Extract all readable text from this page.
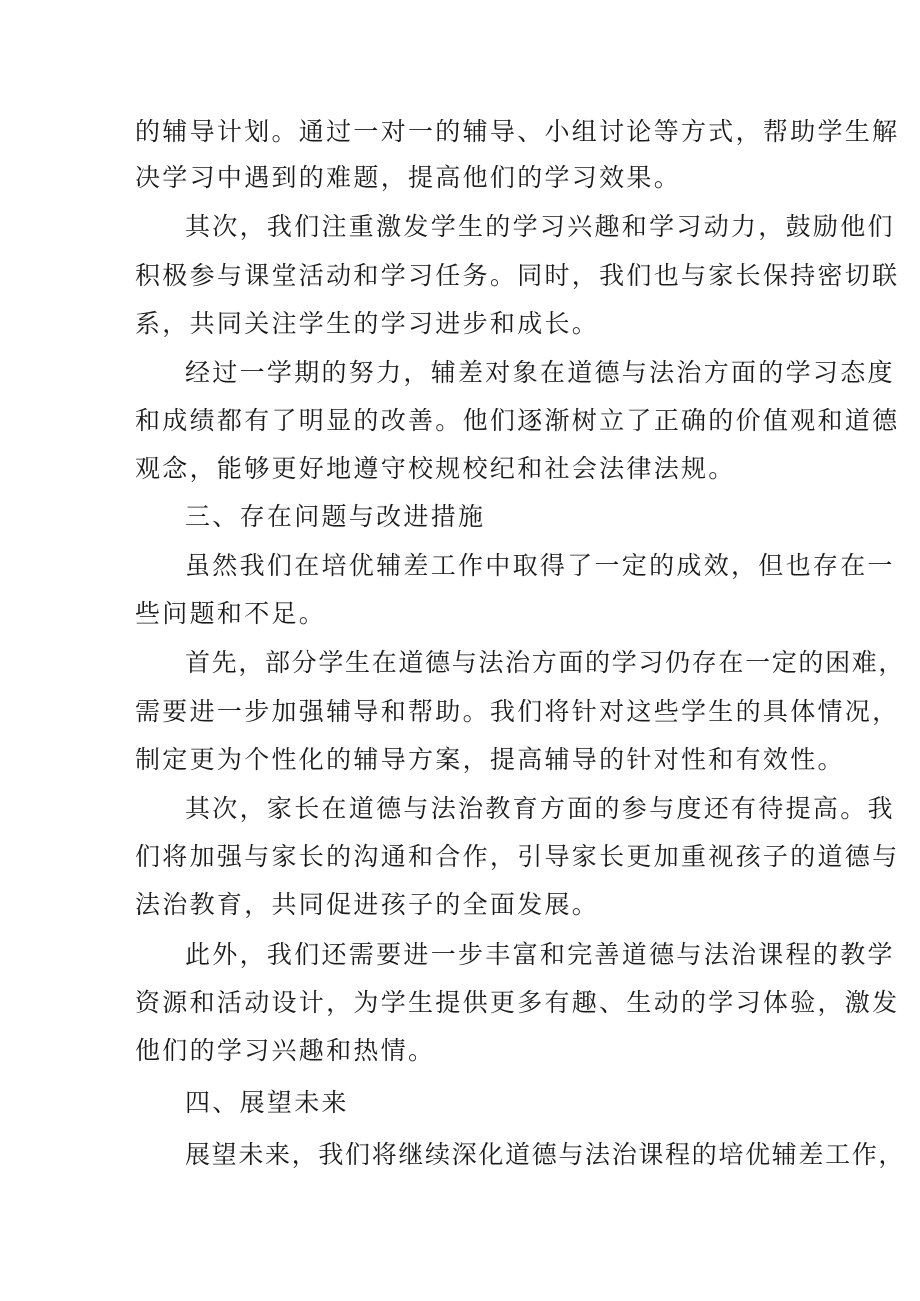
的辅导计划。通过一对一的辅导、小组讨论等方式，帮助学生解
决学习中遇到的难题，提高他们的学习效果。
其次，我们注重激发学生的学习兴趣和学习动力，鼓励他们
积极参与课堂活动和学习任务。同时，我们也与家长保持密切联
系，共同关注学生的学习进步和成长。
经过一学期的努力，辅差对象在道德与法治方面的学习态度
和成绩都有了明显的改善。他们逐渐树立了正确的价值观和道德
观念，能够更好地遵守校规校纪和社会法律法规。
三、存在问题与改进措施
虽然我们在培优辅差工作中取得了一定的成效，但也存在一
些问题和不足。
首先，部分学生在道德与法治方面的学习仍存在一定的困难，
需要进一步加强辅导和帮助。我们将针对这些学生的具体情况，
制定更为个性化的辅导方案，提高辅导的针对性和有效性。
其次，家长在道德与法治教育方面的参与度还有待提高。我
们将加强与家长的沟通和合作，引导家长更加重视孩子的道德与
法治教育，共同促进孩子的全面发展。
此外，我们还需要进一步丰富和完善道德与法治课程的教学
资源和活动设计，为学生提供更多有趣、生动的学习体验，激发
他们的学习兴趣和热情。
四、展望未来
展望未来，我们将继续深化道德与法治课程的培优辅差工作，
